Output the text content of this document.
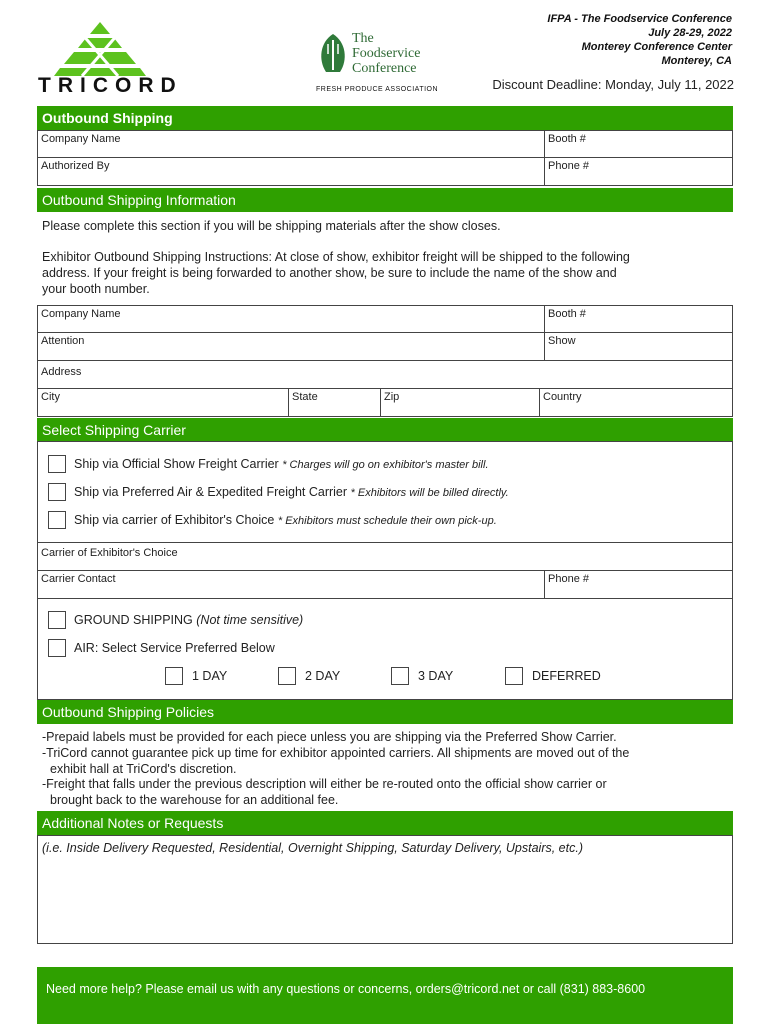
TRICORD
The
Foodservice
Conference
FRESH PRODUCE ASSOCIATION
IFPA - The Foodservice Conference
July 28-29, 2022
Monterey Conference Center
Monterey, CA
Discount Deadline: Monday, July 11, 2022
Outbound Shipping
Company Name	Booth #
Authorized By	Phone #
Outbound Shipping Information
Please complete this section if you will be shipping materials after the show closes.
Exhibitor Outbound Shipping Instructions: At close of show, exhibitor freight will be shipped to the following
address. If your freight is being forwarded to another show, be sure to include the name of the show and
your booth number.
Company Name	Booth #
Attention	Show
Address
City	State	Zip	Country
Select Shipping Carrier
Ship via Official Show Freight Carrier * Charges will go on exhibitor's master bill.
Ship via Preferred Air & Expedited Freight Carrier * Exhibitors will be billed directly.
Ship via carrier of Exhibitor's Choice * Exhibitors must schedule their own pick-up.
Carrier of Exhibitor's Choice
Carrier Contact	Phone #
GROUND SHIPPING (Not time sensitive)
AIR: Select Service Preferred Below
1 DAY	2 DAY	3 DAY	DEFERRED
Outbound Shipping Policies
-Prepaid labels must be provided for each piece unless you are shipping via the Preferred Show Carrier.
-TriCord cannot guarantee pick up time for exhibitor appointed carriers. All shipments are moved out of the
exhibit hall at TriCord's discretion.
-Freight that falls under the previous description will either be re-routed onto the official show carrier or
brought back to the warehouse for an additional fee.
Additional Notes or Requests
(i.e. Inside Delivery Requested, Residential, Overnight Shipping, Saturday Delivery, Upstairs, etc.)
Need more help? Please email us with any questions or concerns, orders@tricord.net or call (831) 883-8600
